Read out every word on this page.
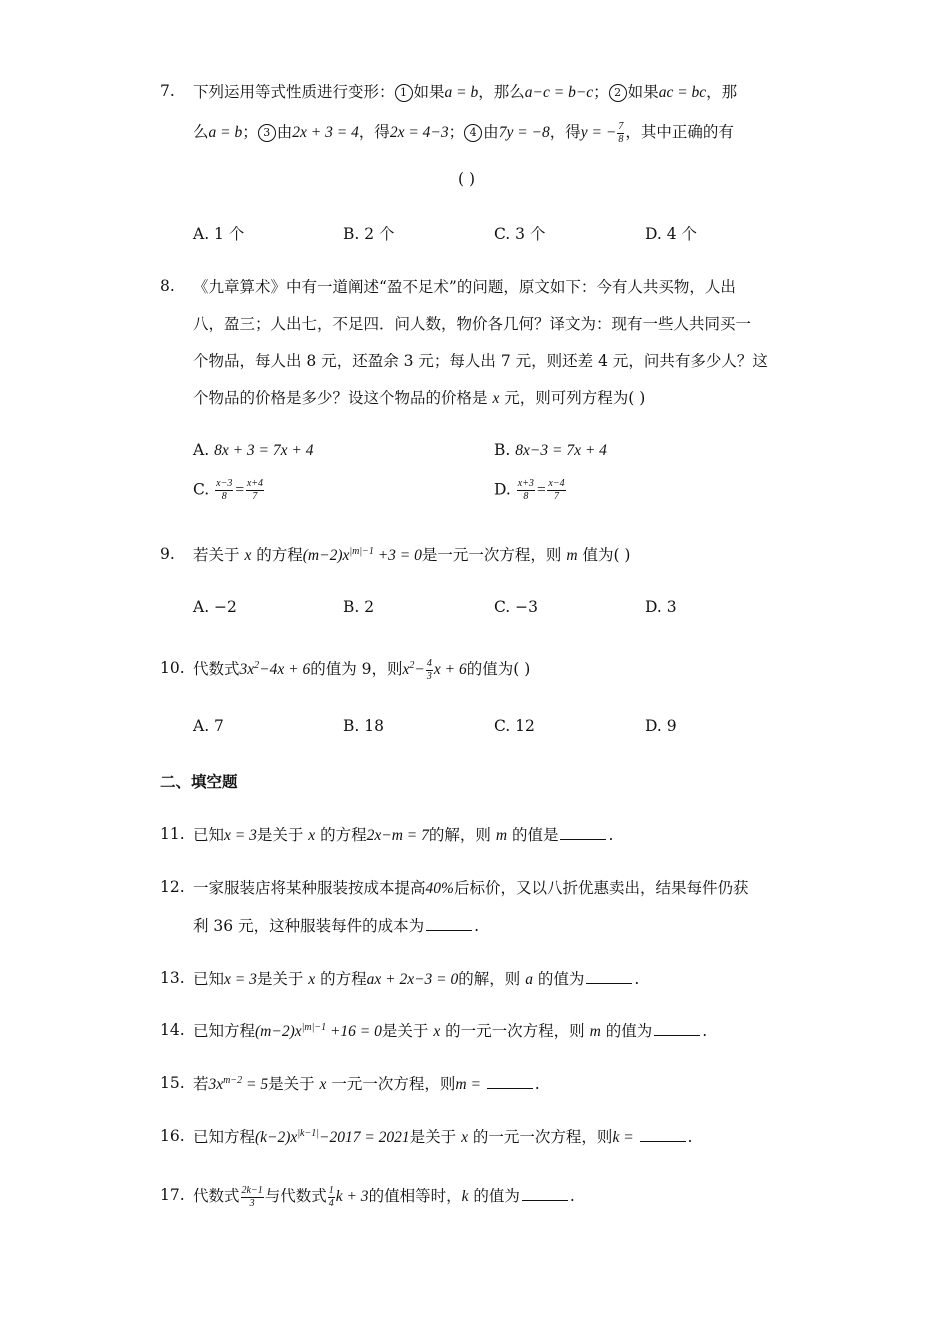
7. 下列运用等式性质进行变形： 1 如果a = b，那么a−c = b−c； 2 如果ac = bc，那
么a = b； 3 由2x + 3 = 4，得2x = 4−3； 4 由7y = −8，得y = − $\frac{7}{8}$ ，其中正确的有
( )
A. 1 个	B. 2 个	C. 3 个	D. 4 个
8. 《九章算术》中有一道阐述“盈不足术”的问题，原文如下：今有人共买物，人出
八，盈三；人出七，不足四．问人数，物价各几何？译文为：现有一些人共同买一
个物品，每人出 8 元，还盈余 3 元；每人出 7 元，则还差 4 元，问共有多少人？这
个物品的价格是多少？设这个物品的价格是 x 元，则可列方程为( )
A. 8x + 3 = 7x + 4	B. 8x−3 = 7x + 4
C. $\frac{x-3}{8} = \frac{x+4}{7}$	D. $\frac{x+3}{8} = \frac{x-4}{7}$
9. 若关于 x 的方程$(m-2)x^{|m|-1} +3 = 0$是一元一次方程，则 m 值为( )
A. −2	B. 2	C. −3	D. 3
10. 代数式$3x^2-4x + 6$的值为 9，则$x^2- \frac{4}{3}$ x + 6的值为( )
A. 7	B. 18	C. 12	D. 9
二、填空题
11. 已知x = 3是关于 x 的方程2x−m = 7的解，则 m 的值是	.
12. 一家服装店将某种服装按成本提高40%后标价，又以八折优惠卖出，结果每件仍获
利 36 元，这种服装每件的成本为	.
13. 已知x = 3是关于 x 的方程ax + 2x−3 = 0的解，则 a 的值为	.
14. 已知方程$(m-2)x^{|m|-1} +16 = 0$是关于 x 的一元一次方程，则 m 的值为	.
15. 若$3x^{m-2} = 5$是关于 x 一元一次方程，则m =	.
16. 已知方程$(k-2)x^{|k-1|}-2017 = 2021$是关于 x 的一元一次方程，则k =	.
17. 代数式 $\frac{2k-1}{3}$ 与代数式 $\frac{1}{4}$ k + 3的值相等时，k 的值为	.
